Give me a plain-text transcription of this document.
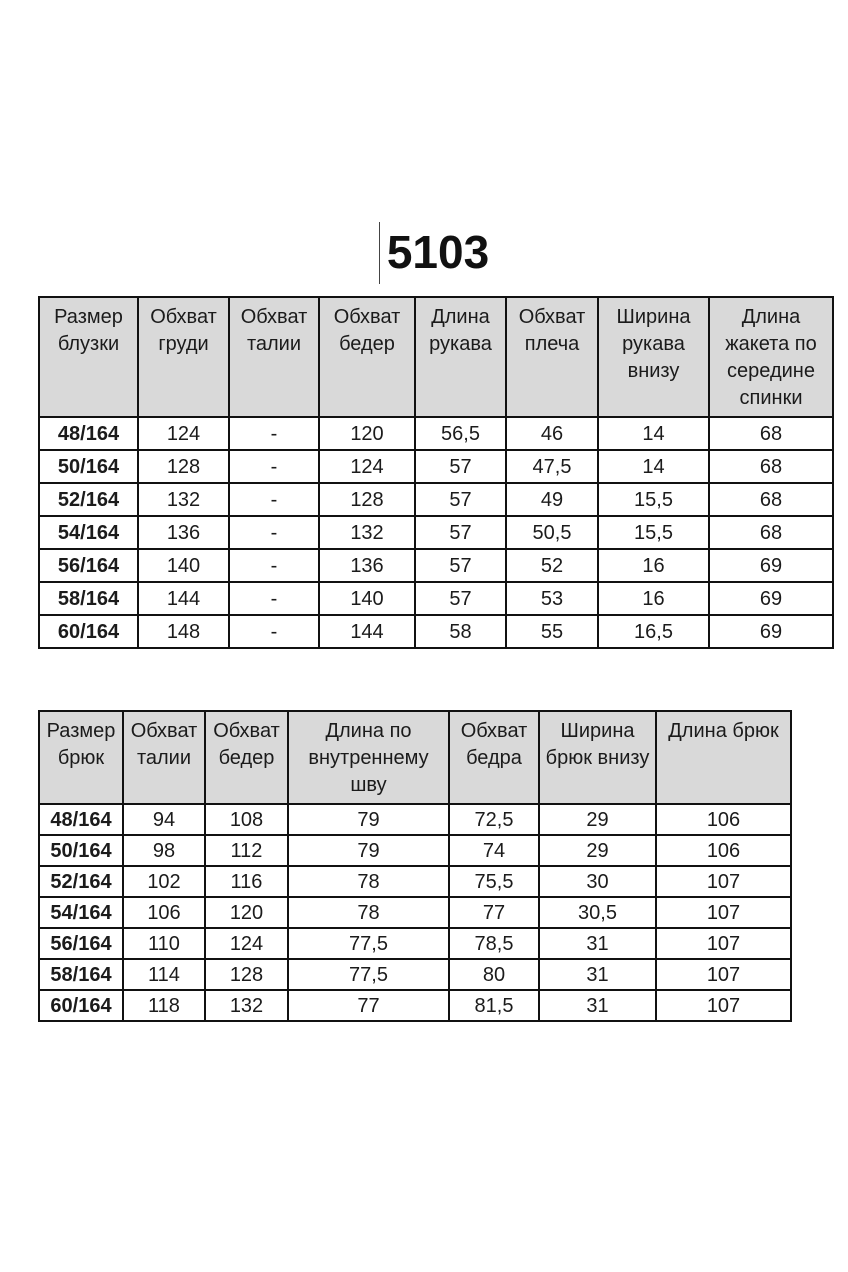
5103
Размер блузки	Обхват груди	Обхват талии	Обхват бедер	Длина рукава	Обхват плеча	Ширина рукава внизу	Длина жакета по середине спинки
48/164	124	-	120	56,5	46	14	68
50/164	128	-	124	57	47,5	14	68
52/164	132	-	128	57	49	15,5	68
54/164	136	-	132	57	50,5	15,5	68
56/164	140	-	136	57	52	16	69
58/164	144	-	140	57	53	16	69
60/164	148	-	144	58	55	16,5	69
Размер брюк	Обхват талии	Обхват бедер	Длина по внутреннему шву	Обхват бедра	Ширина брюк внизу	Длина брюк
48/164	94	108	79	72,5	29	106
50/164	98	112	79	74	29	106
52/164	102	116	78	75,5	30	107
54/164	106	120	78	77	30,5	107
56/164	110	124	77,5	78,5	31	107
58/164	114	128	77,5	80	31	107
60/164	118	132	77	81,5	31	107
